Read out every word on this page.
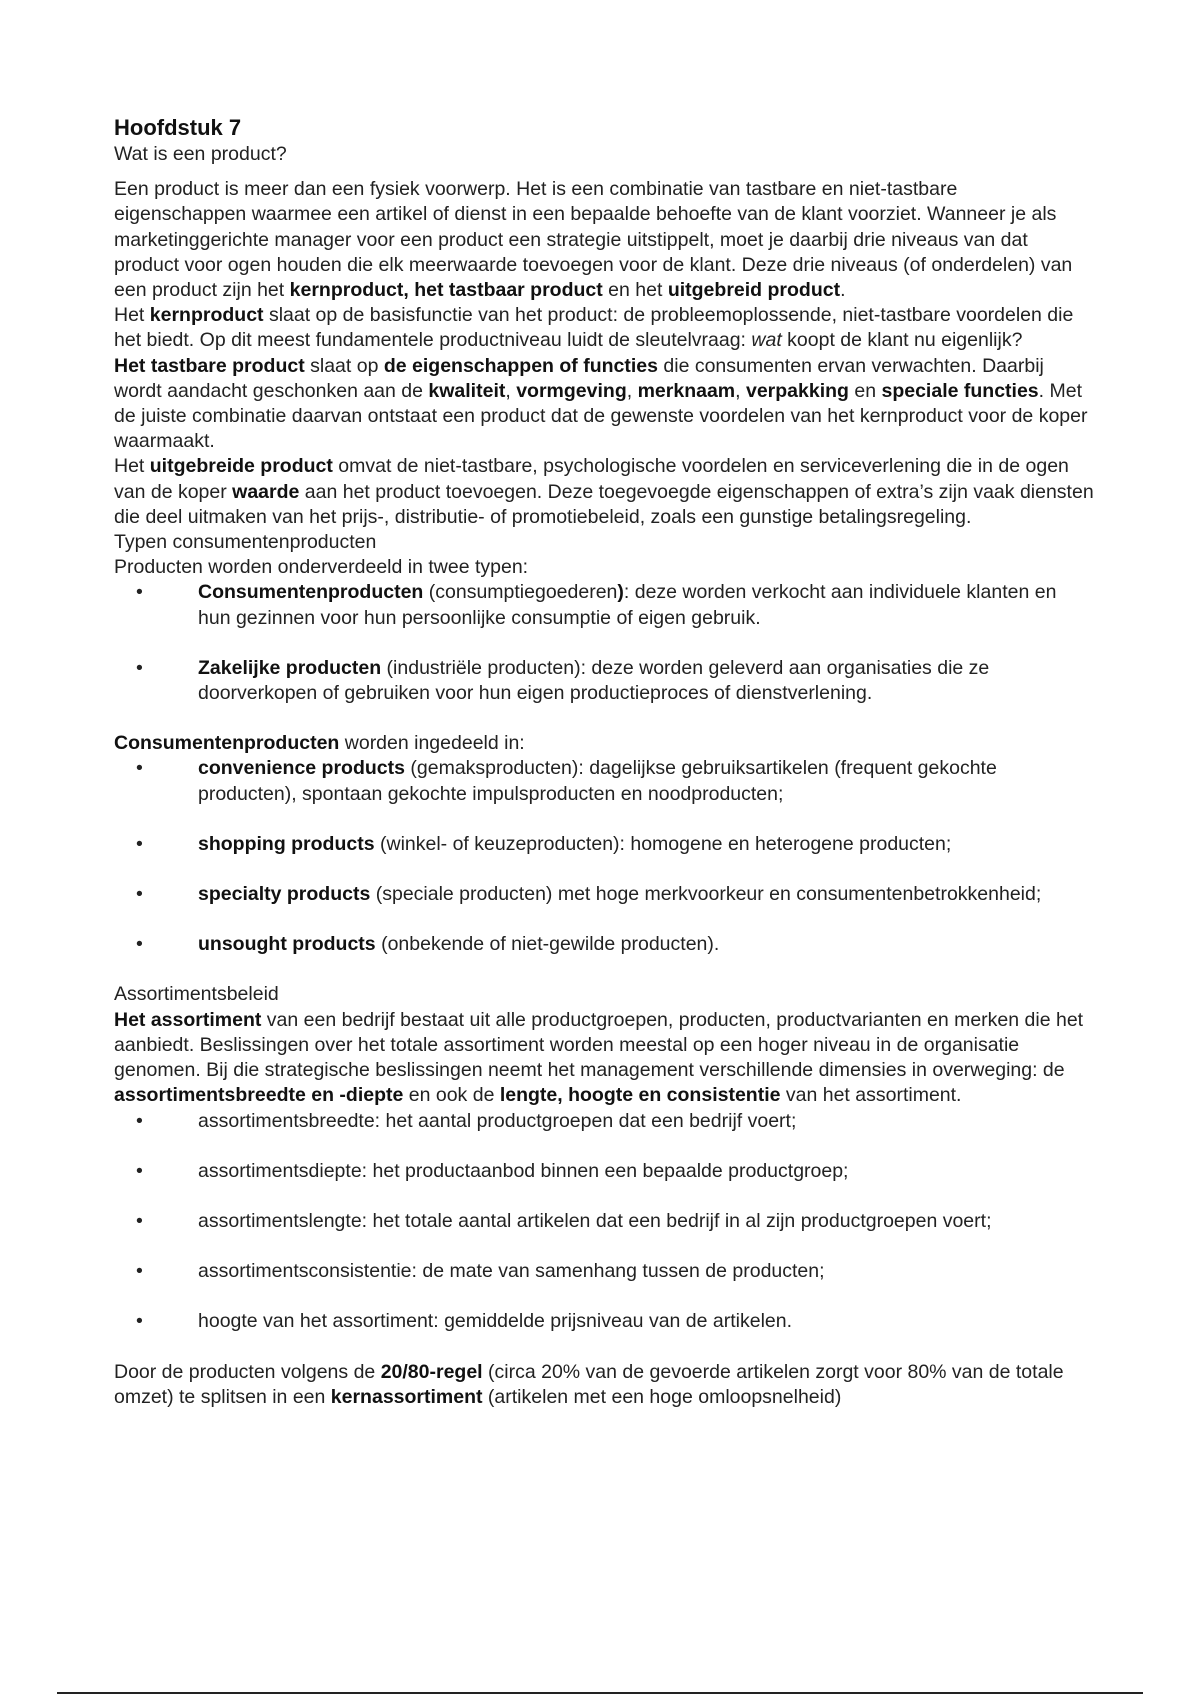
Hoofdstuk 7

Wat is een product?

Een product is meer dan een fysiek voorwerp. Het is een combinatie van tastbare en niet-tastbare eigenschappen waarmee een artikel of dienst in een bepaalde behoefte van de klant voorziet. Wanneer je als marketinggerichte manager voor een product een strategie uitstippelt, moet je daarbij drie niveaus van dat product voor ogen houden die elk meerwaarde toevoegen voor de klant. Deze drie niveaus (of onderdelen) van een product zijn het kernproduct, het tastbaar product en het uitgebreid product.

Het kernproduct slaat op de basisfunctie van het product: de probleemoplossende, niet-tastbare voordelen die het biedt. Op dit meest fundamentele productniveau luidt de sleutelvraag: wat koopt de klant nu eigenlijk?

Het tastbare product slaat op de eigenschappen of functies die consumenten ervan verwachten. Daarbij wordt aandacht geschonken aan de kwaliteit, vormgeving, merknaam, verpakking en speciale functies. Met de juiste combinatie daarvan ontstaat een product dat de gewenste voordelen van het kernproduct voor de koper waarmaakt.

Het uitgebreide product omvat de niet-tastbare, psychologische voordelen en serviceverlening die in de ogen van de koper waarde aan het product toevoegen. Deze toegevoegde eigenschappen of extra’s zijn vaak diensten die deel uitmaken van het prijs-, distributie- of promotiebeleid, zoals een gunstige betalingsregeling.

Typen consumentenproducten

Producten worden onderverdeeld in twee typen:

• Consumentenproducten (consumptiegoederen): deze worden verkocht aan individuele klanten en hun gezinnen voor hun persoonlijke consumptie of eigen gebruik.
• Zakelijke producten (industriële producten): deze worden geleverd aan organisaties die ze doorverkopen of gebruiken voor hun eigen productieproces of dienstverlening.

Consumentenproducten worden ingedeeld in:

• convenience products (gemaksproducten): dagelijkse gebruiksartikelen (frequent gekochte producten), spontaan gekochte impulsproducten en noodproducten;
• shopping products (winkel- of keuzeproducten): homogene en heterogene producten;
• specialty products (speciale producten) met hoge merkvoorkeur en consumentenbetrokkenheid;
• unsought products (onbekende of niet-gewilde producten).

Assortimentsbeleid

Het assortiment van een bedrijf bestaat uit alle productgroepen, producten, productvarianten en merken die het aanbiedt. Beslissingen over het totale assortiment worden meestal op een hoger niveau in de organisatie genomen. Bij die strategische beslissingen neemt het management verschillende dimensies in overweging: de assortimentsbreedte en -diepte en ook de lengte, hoogte en consistentie van het assortiment.

• assortimentsbreedte: het aantal productgroepen dat een bedrijf voert;
• assortimentsdiepte: het productaanbod binnen een bepaalde productgroep;
• assortimentslengte: het totale aantal artikelen dat een bedrijf in al zijn productgroepen voert;
• assortimentsconsistentie: de mate van samenhang tussen de producten;
• hoogte van het assortiment: gemiddelde prijsniveau van de artikelen.

Door de producten volgens de 20/80-regel (circa 20% van de gevoerde artikelen zorgt voor 80% van de totale omzet) te splitsen in een kernassortiment (artikelen met een hoge omloopsnelheid)
